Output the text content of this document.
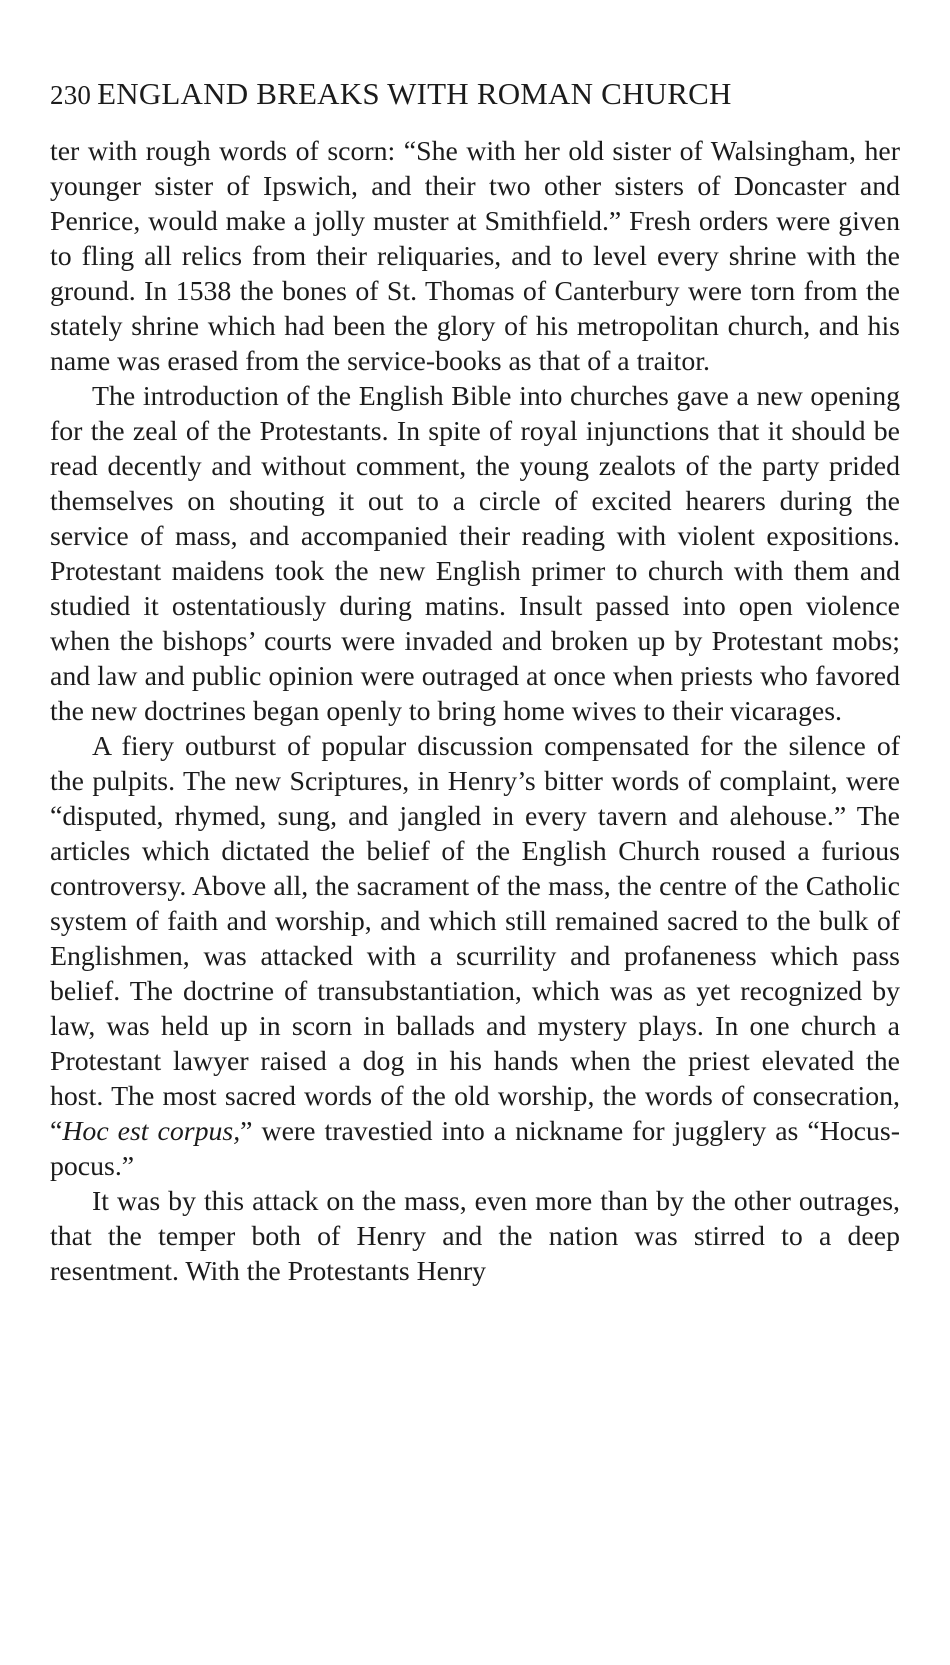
230 ENGLAND BREAKS WITH ROMAN CHURCH

ter with rough words of scorn: “She with her old sister of Walsingham, her younger sister of Ipswich, and their two other sisters of Doncaster and Penrice, would make a jolly muster at Smithfield.” Fresh orders were given to fling all relics from their reliquaries, and to level every shrine with the ground. In 1538 the bones of St. Thomas of Canterbury were torn from the stately shrine which had been the glory of his metropolitan church, and his name was erased from the service-books as that of a traitor.

The introduction of the English Bible into churches gave a new opening for the zeal of the Protestants. In spite of royal injunctions that it should be read decently and without comment, the young zealots of the party prided themselves on shouting it out to a circle of excited hearers during the service of mass, and accompanied their reading with violent expositions. Protestant maidens took the new English primer to church with them and studied it ostentatiously during matins. Insult passed into open violence when the bishops’ courts were invaded and broken up by Protestant mobs; and law and public opinion were outraged at once when priests who favored the new doctrines began openly to bring home wives to their vicarages.

A fiery outburst of popular discussion compensated for the silence of the pulpits. The new Scriptures, in Henry’s bitter words of complaint, were “disputed, rhymed, sung, and jangled in every tavern and alehouse.” The articles which dictated the belief of the English Church roused a furious controversy. Above all, the sacrament of the mass, the centre of the Catholic system of faith and worship, and which still remained sacred to the bulk of Englishmen, was attacked with a scurrility and profaneness which pass belief. The doctrine of transubstantiation, which was as yet recognized by law, was held up in scorn in ballads and mystery plays. In one church a Protestant lawyer raised a dog in his hands when the priest elevated the host. The most sacred words of the old worship, the words of consecration, “Hoc est corpus,” were travestied into a nickname for jugglery as “Hocus-pocus.”

It was by this attack on the mass, even more than by the other outrages, that the temper both of Henry and the nation was stirred to a deep resentment. With the Protestants Henry
